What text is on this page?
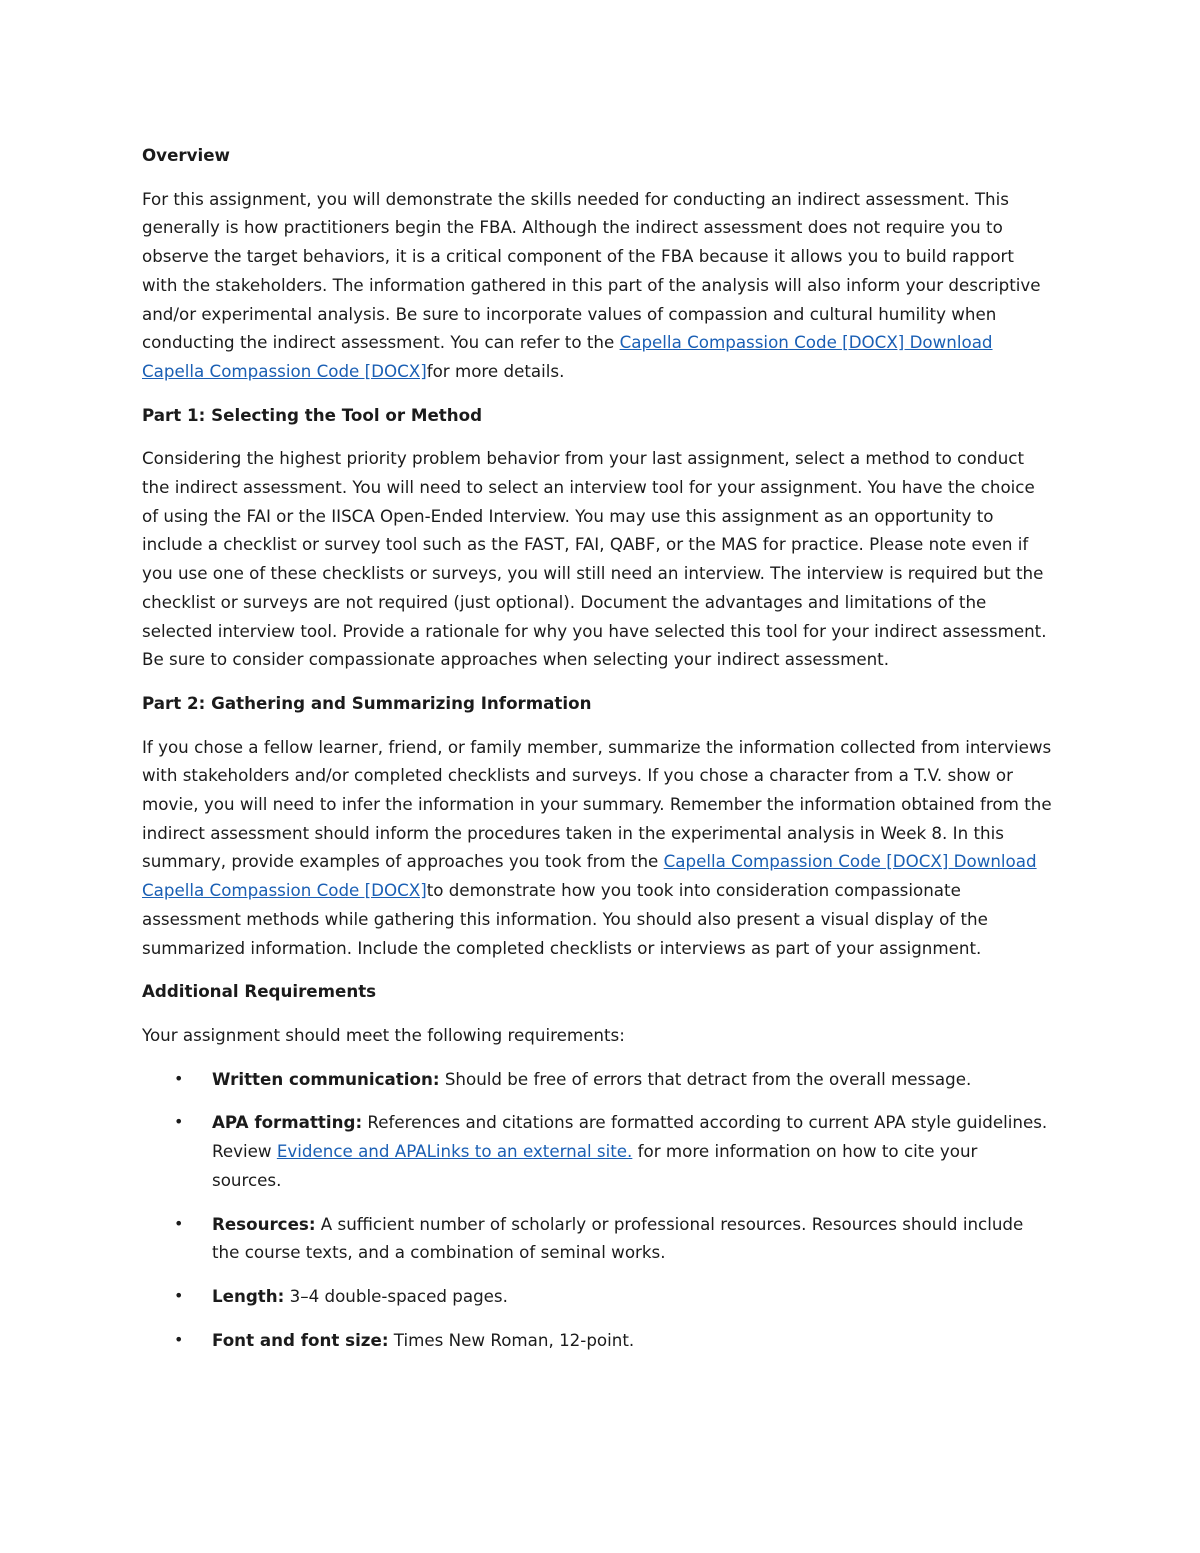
Overview

For this assignment, you will demonstrate the skills needed for conducting an indirect assessment. This generally is how practitioners begin the FBA. Although the indirect assessment does not require you to observe the target behaviors, it is a critical component of the FBA because it allows you to build rapport with the stakeholders. The information gathered in this part of the analysis will also inform your descriptive and/or experimental analysis. Be sure to incorporate values of compassion and cultural humility when conducting the indirect assessment. You can refer to the Capella Compassion Code [DOCX] Download Capella Compassion Code [DOCX]for more details.

Part 1: Selecting the Tool or Method

Considering the highest priority problem behavior from your last assignment, select a method to conduct the indirect assessment. You will need to select an interview tool for your assignment. You have the choice of using the FAI or the IISCA Open-Ended Interview. You may use this assignment as an opportunity to include a checklist or survey tool such as the FAST, FAI, QABF, or the MAS for practice. Please note even if you use one of these checklists or surveys, you will still need an interview. The interview is required but the checklist or surveys are not required (just optional). Document the advantages and limitations of the selected interview tool. Provide a rationale for why you have selected this tool for your indirect assessment. Be sure to consider compassionate approaches when selecting your indirect assessment.

Part 2: Gathering and Summarizing Information

If you chose a fellow learner, friend, or family member, summarize the information collected from interviews with stakeholders and/or completed checklists and surveys. If you chose a character from a T.V. show or movie, you will need to infer the information in your summary. Remember the information obtained from the indirect assessment should inform the procedures taken in the experimental analysis in Week 8. In this summary, provide examples of approaches you took from the Capella Compassion Code [DOCX] Download Capella Compassion Code [DOCX]to demonstrate how you took into consideration compassionate assessment methods while gathering this information. You should also present a visual display of the summarized information. Include the completed checklists or interviews as part of your assignment.

Additional Requirements

Your assignment should meet the following requirements:

• Written communication: Should be free of errors that detract from the overall message.
• APA formatting: References and citations are formatted according to current APA style guidelines. Review Evidence and APALinks to an external site. for more information on how to cite your sources.
• Resources: A sufficient number of scholarly or professional resources. Resources should include the course texts, and a combination of seminal works.
• Length: 3–4 double-spaced pages.
• Font and font size: Times New Roman, 12-point.
